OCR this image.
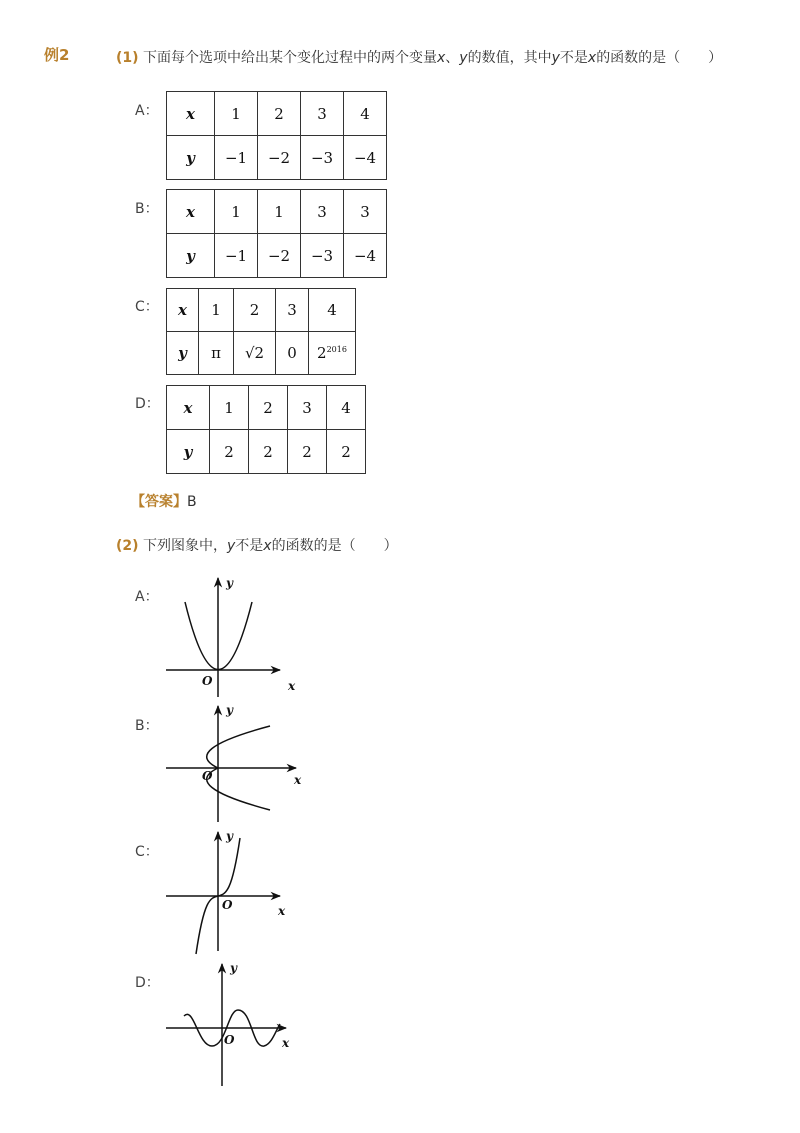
例2	(1) 下面每个选项中给出某个变化过程中的两个变量x、y的数值，其中y不是x的函数的是（　　）
A： x	1	2	3	4
y	−1	−2	−3	−4
B： x	1	1	3	3
y	−1	−2	−3	−4
C： x	1	2	3	4
y	π	√2	0	$2^{2016}$
D： x	1	2	3	4
y	2	2	2	2
【答案】B
(2) 下列图象中，y不是x的函数的是（　　）
A：
y
x
O
B：
y
x
O
C：
y
x
O
D：
y
x
O
